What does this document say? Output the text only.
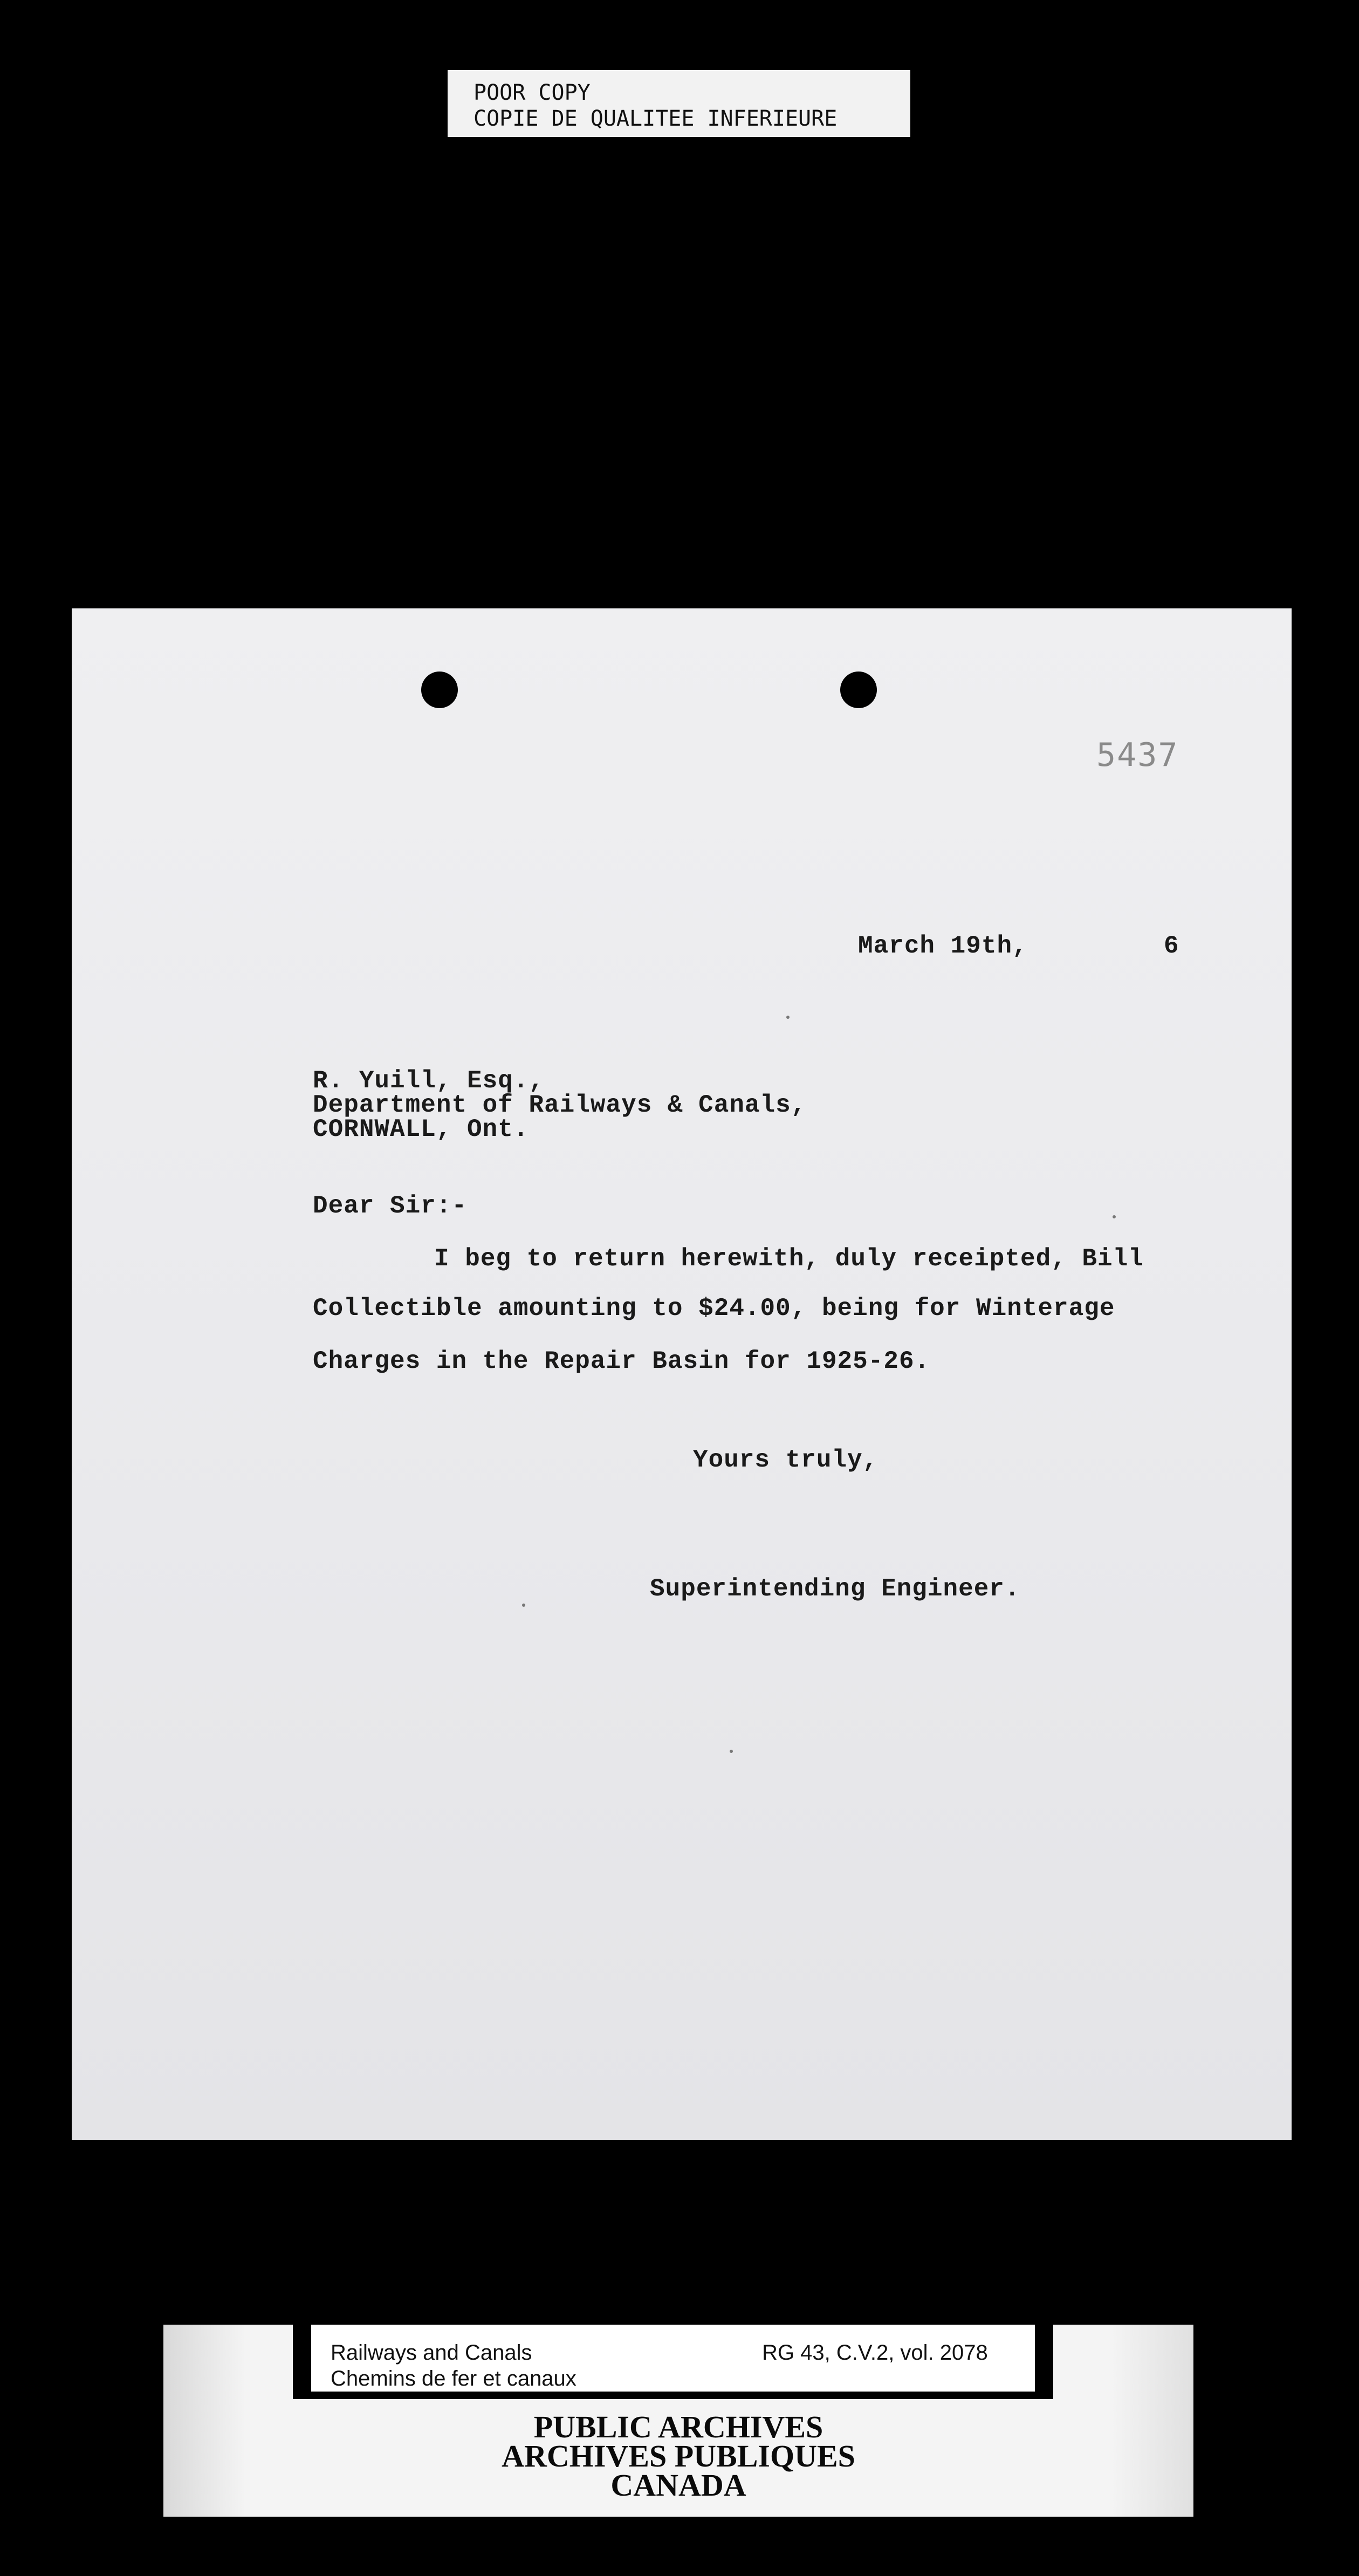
POOR COPY
COPIE DE QUALITEE INFERIEURE
5437
March 19th,	6
R. Yuill, Esq.,
Department of Railways & Canals,
CORNWALL, Ont.
Dear Sir:-
I beg to return herewith, duly receipted, Bill
Collectible amounting to $24.00, being for Winterage
Charges in the Repair Basin for 1925-26.
Yours truly,
Superintending Engineer.
Railways and Canals
Chemins de fer et canaux
RG 43, C.V.2, vol. 2078
PUBLIC ARCHIVES
ARCHIVES PUBLIQUES
CANADA
